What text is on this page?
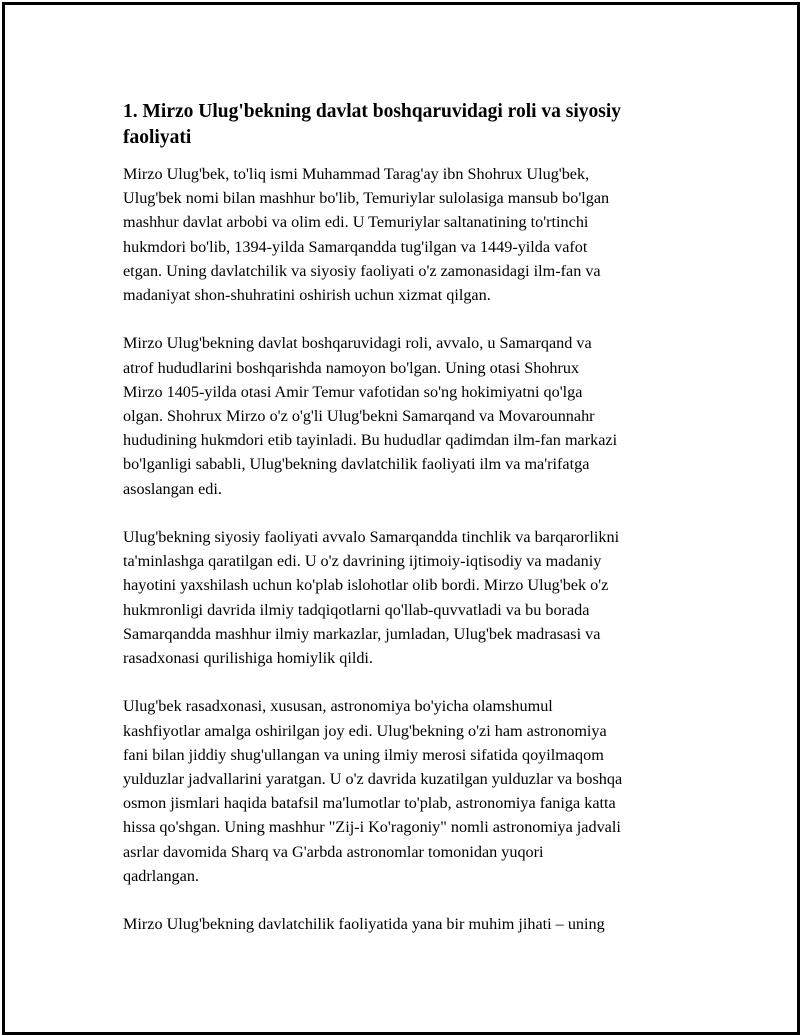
1. Mirzo Ulug'bekning davlat boshqaruvidagi roli va siyosiy
faoliyati

Mirzo Ulug'bek, to'liq ismi Muhammad Tarag'ay ibn Shohrux Ulug'bek,
Ulug'bek nomi bilan mashhur bo'lib, Temuriylar sulolasiga mansub bo'lgan
mashhur davlat arbobi va olim edi. U Temuriylar saltanatining to'rtinchi
hukmdori bo'lib, 1394-yilda Samarqandda tug'ilgan va 1449-yilda vafot
etgan. Uning davlatchilik va siyosiy faoliyati o'z zamonasidagi ilm-fan va
madaniyat shon-shuhratini oshirish uchun xizmat qilgan.

Mirzo Ulug'bekning davlat boshqaruvidagi roli, avvalo, u Samarqand va
atrof hududlarini boshqarishda namoyon bo'lgan. Uning otasi Shohrux
Mirzo 1405-yilda otasi Amir Temur vafotidan so'ng hokimiyatni qo'lga
olgan. Shohrux Mirzo o'z o'g'li Ulug'bekni Samarqand va Movarounnahr
hududining hukmdori etib tayinladi. Bu hududlar qadimdan ilm-fan markazi
bo'lganligi sababli, Ulug'bekning davlatchilik faoliyati ilm va ma'rifatga
asoslangan edi.

Ulug'bekning siyosiy faoliyati avvalo Samarqandda tinchlik va barqarorlikni
ta'minlashga qaratilgan edi. U o'z davrining ijtimoiy-iqtisodiy va madaniy
hayotini yaxshilash uchun ko'plab islohotlar olib bordi. Mirzo Ulug'bek o'z
hukmronligi davrida ilmiy tadqiqotlarni qo'llab-quvvatladi va bu borada
Samarqandda mashhur ilmiy markazlar, jumladan, Ulug'bek madrasasi va
rasadxonasi qurilishiga homiylik qildi.

Ulug'bek rasadxonasi, xususan, astronomiya bo'yicha olamshumul
kashfiyotlar amalga oshirilgan joy edi. Ulug'bekning o'zi ham astronomiya
fani bilan jiddiy shug'ullangan va uning ilmiy merosi sifatida qoyilmaqom
yulduzlar jadvallarini yaratgan. U o'z davrida kuzatilgan yulduzlar va boshqa
osmon jismlari haqida batafsil ma'lumotlar to'plab, astronomiya faniga katta
hissa qo'shgan. Uning mashhur "Zij-i Ko'ragoniy" nomli astronomiya jadvali
asrlar davomida Sharq va G'arbda astronomlar tomonidan yuqori
qadrlangan.

Mirzo Ulug'bekning davlatchilik faoliyatida yana bir muhim jihati – uning
